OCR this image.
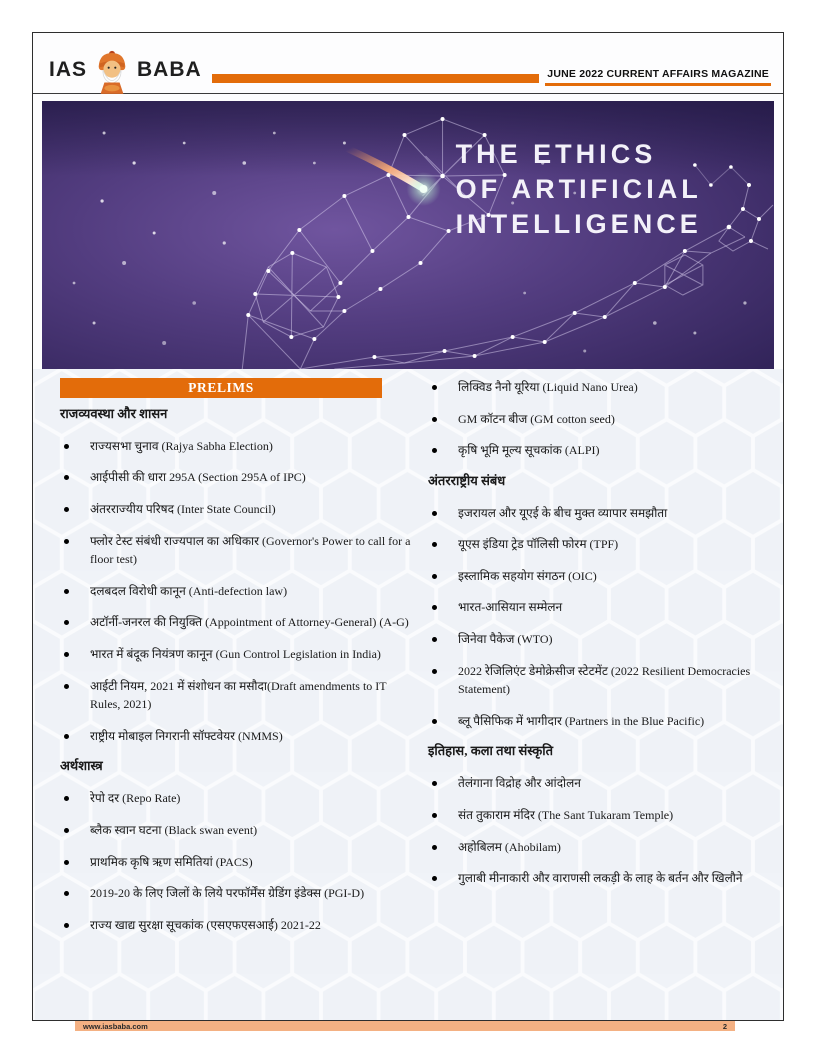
IAS BABA	JUNE 2022 CURRENT AFFAIRS MAGAZINE
THE ETHICS
OF ARTIFICIAL
INTELLIGENCE
PRELIMS
राजव्यवस्था और शासन
राज्यसभा चुनाव (Rajya Sabha Election)
आईपीसी की धारा 295A (Section 295A of IPC)
अंतरराज्यीय परिषद (Inter State Council)
फ्लोर टेस्ट संबंधी राज्यपाल का अधिकार (Governor's Power to call for a floor test)
दलबदल विरोधी कानून (Anti-defection law)
अटॉर्नी-जनरल की नियुक्ति (Appointment of Attorney-General) (A-G)
भारत में बंदूक नियंत्रण कानून (Gun Control Legislation in India)
आईटी नियम, 2021 में संशोधन का मसौदा(Draft amendments to IT Rules, 2021)
राष्ट्रीय मोबाइल निगरानी सॉफ्टवेयर (NMMS)
अर्थशास्त्र
रेपो दर (Repo Rate)
ब्लैक स्वान घटना (Black swan event)
प्राथमिक कृषि ऋण समितियां (PACS)
2019-20 के लिए जिलों के लिये परफॉर्मेंस ग्रेडिंग इंडेक्स (PGI-D)
राज्य खाद्य सुरक्षा सूचकांक (एसएफएसआई) 2021-22
लिक्विड नैनो यूरिया (Liquid Nano Urea)
GM कॉटन बीज (GM cotton seed)
कृषि भूमि मूल्य सूचकांक (ALPI)
अंतरराष्ट्रीय संबंध
इजरायल और यूएई के बीच मुक्त व्यापार समझौता
यूएस इंडिया ट्रेड पॉलिसी फोरम (TPF)
इस्लामिक सहयोग संगठन (OIC)
भारत-आसियान सम्मेलन
जिनेवा पैकेज (WTO)
2022 रेजिलिएंट डेमोक्रेसीज स्टेटमेंट (2022 Resilient Democracies Statement)
ब्लू पैसिफिक में भागीदार (Partners in the Blue Pacific)
इतिहास, कला तथा संस्कृति
तेलंगाना विद्रोह और आंदोलन
संत तुकाराम मंदिर (The Sant Tukaram Temple)
अहोबिलम (Ahobilam)
गुलाबी मीनाकारी और वाराणसी लकड़ी के लाह के बर्तन और खिलौने
www.iasbaba.com	2
